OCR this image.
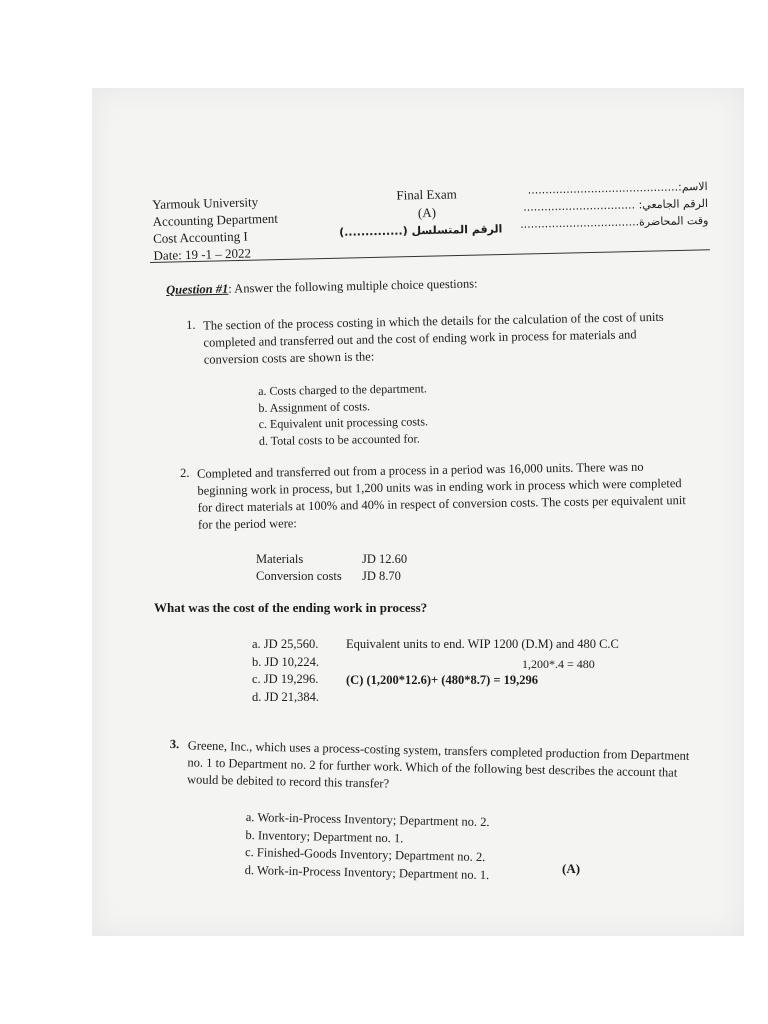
Yarmouk University
Accounting Department
Cost Accounting I
Date: 19 -1 – 2022
Final Exam
(A)
الرقم المتسلسل (..............)
الاسم:...........................................
الرقم الجامعي: ................................
وقت المحاضرة..................................
Question #1: Answer the following multiple choice questions:
1. The section of the process costing in which the details for the calculation of the cost of units completed and transferred out and the cost of ending work in process for materials and conversion costs are shown is the:
a. Costs charged to the department.
b. Assignment of costs.
c. Equivalent unit processing costs.
d. Total costs to be accounted for.
2. Completed and transferred out from a process in a period was 16,000 units. There was no beginning work in process, but 1,200 units was in ending work in process which were completed for direct materials at 100% and 40% in respect of conversion costs. The costs per equivalent unit for the period were:
Materials	JD 12.60
Conversion costs JD 8.70
What was the cost of the ending work in process?
a. JD 25,560.
b. JD 10,224.
c. JD 19,296.
d. JD 21,384.
Equivalent units to end. WIP 1200 (D.M) and 480 C.C
1,200*.4 = 480
(C) (1,200*12.6)+ (480*8.7) = 19,296
3. Greene, Inc., which uses a process-costing system, transfers completed production from Department no. 1 to Department no. 2 for further work. Which of the following best describes the account that would be debited to record this transfer?
a. Work-in-Process Inventory; Department no. 2.
b. Inventory; Department no. 1.
c. Finished-Goods Inventory; Department no. 2.
d. Work-in-Process Inventory; Department no. 1.	(A)
